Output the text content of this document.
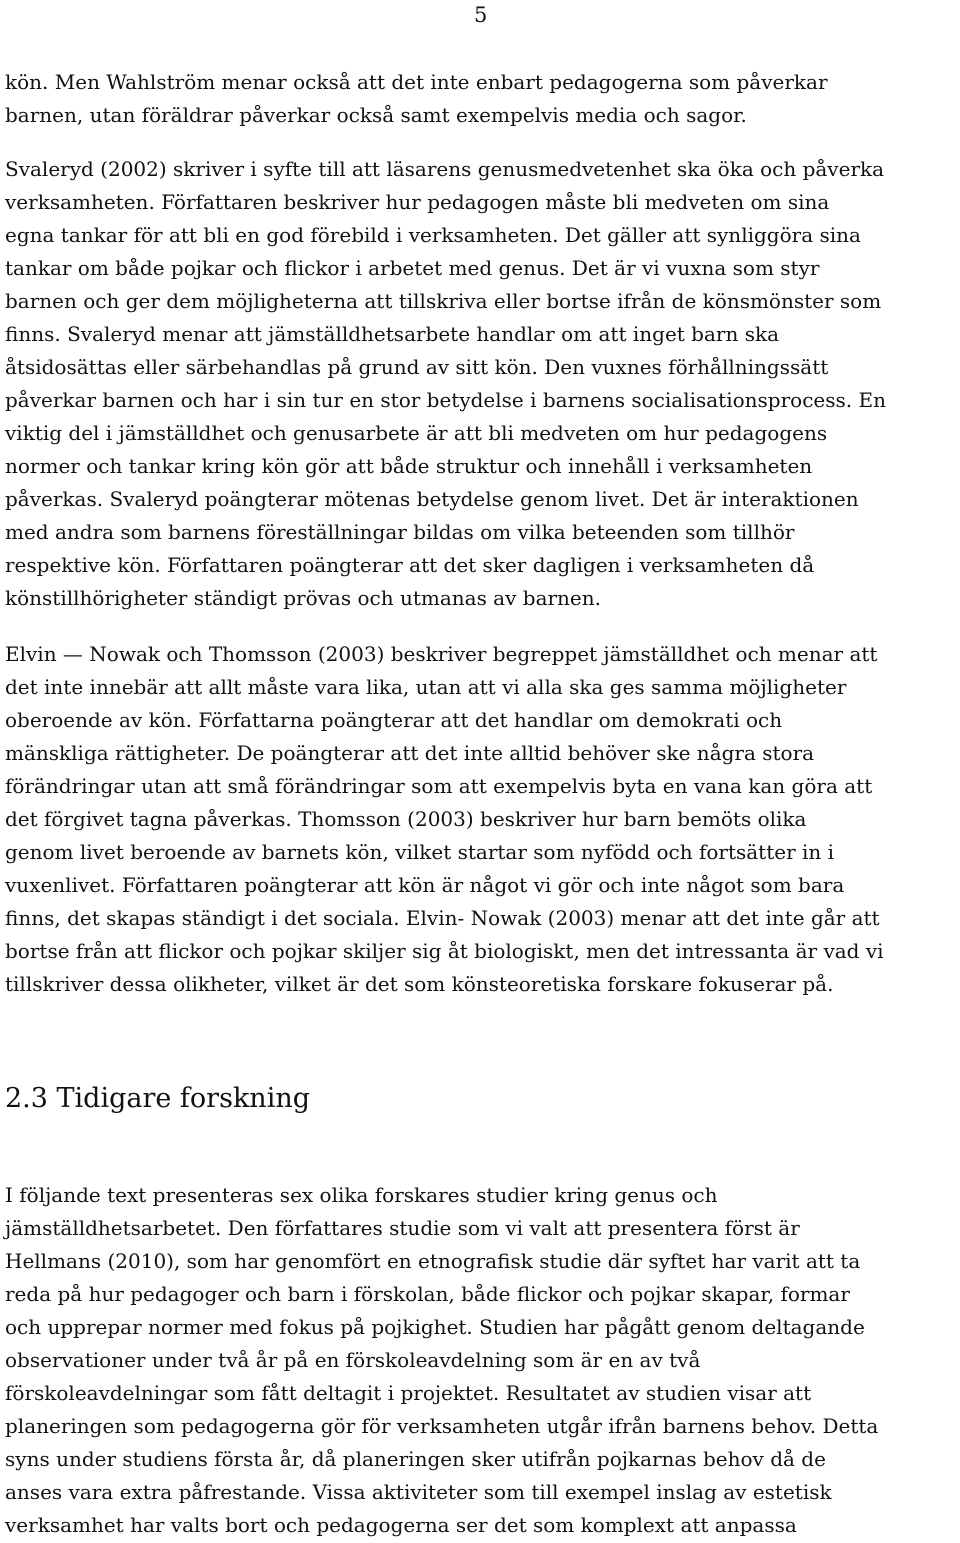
5
kön. Men Wahlström menar också att det inte enbart pedagogerna som påverkar
barnen, utan föräldrar påverkar också samt exempelvis media och sagor.
Svaleryd (2002) skriver i syfte till att läsarens genusmedvetenhet ska öka och påverka
verksamheten. Författaren beskriver hur pedagogen måste bli medveten om sina
egna tankar för att bli en god förebild i verksamheten. Det gäller att synliggöra sina
tankar om både pojkar och flickor i arbetet med genus. Det är vi vuxna som styr
barnen och ger dem möjligheterna att tillskriva eller bortse ifrån de könsmönster som
finns. Svaleryd menar att jämställdhetsarbete handlar om att inget barn ska
åtsidosättas eller särbehandlas på grund av sitt kön. Den vuxnes förhållningssätt
påverkar barnen och har i sin tur en stor betydelse i barnens socialisationsprocess. En
viktig del i jämställdhet och genusarbete är att bli medveten om hur pedagogens
normer och tankar kring kön gör att både struktur och innehåll i verksamheten
påverkas. Svaleryd poängterar mötenas betydelse genom livet. Det är interaktionen
med andra som barnens föreställningar bildas om vilka beteenden som tillhör
respektive kön. Författaren poängterar att det sker dagligen i verksamheten då
könstillhörigheter ständigt prövas och utmanas av barnen.
Elvin — Nowak och Thomsson (2003) beskriver begreppet jämställdhet och menar att
det inte innebär att allt måste vara lika, utan att vi alla ska ges samma möjligheter
oberoende av kön. Författarna poängterar att det handlar om demokrati och
mänskliga rättigheter. De poängterar att det inte alltid behöver ske några stora
förändringar utan att små förändringar som att exempelvis byta en vana kan göra att
det förgivet tagna påverkas. Thomsson (2003) beskriver hur barn bemöts olika
genom livet beroende av barnets kön, vilket startar som nyfödd och fortsätter in i
vuxenlivet. Författaren poängterar att kön är något vi gör och inte något som bara
finns, det skapas ständigt i det sociala. Elvin- Nowak (2003) menar att det inte går att
bortse från att flickor och pojkar skiljer sig åt biologiskt, men det intressanta är vad vi
tillskriver dessa olikheter, vilket är det som könsteoretiska forskare fokuserar på.
2.3 Tidigare forskning
I följande text presenteras sex olika forskares studier kring genus och
jämställdhetsarbetet. Den författares studie som vi valt att presentera först är
Hellmans (2010), som har genomfört en etnografisk studie där syftet har varit att ta
reda på hur pedagoger och barn i förskolan, både flickor och pojkar skapar, formar
och upprepar normer med fokus på pojkighet. Studien har pågått genom deltagande
observationer under två år på en förskoleavdelning som är en av två
förskoleavdelningar som fått deltagit i projektet. Resultatet av studien visar att
planeringen som pedagogerna gör för verksamheten utgår ifrån barnens behov. Detta
syns under studiens första år, då planeringen sker utifrån pojkarnas behov då de
anses vara extra påfrestande. Vissa aktiviteter som till exempel inslag av estetisk
verksamhet har valts bort och pedagogerna ser det som komplext att anpassa
